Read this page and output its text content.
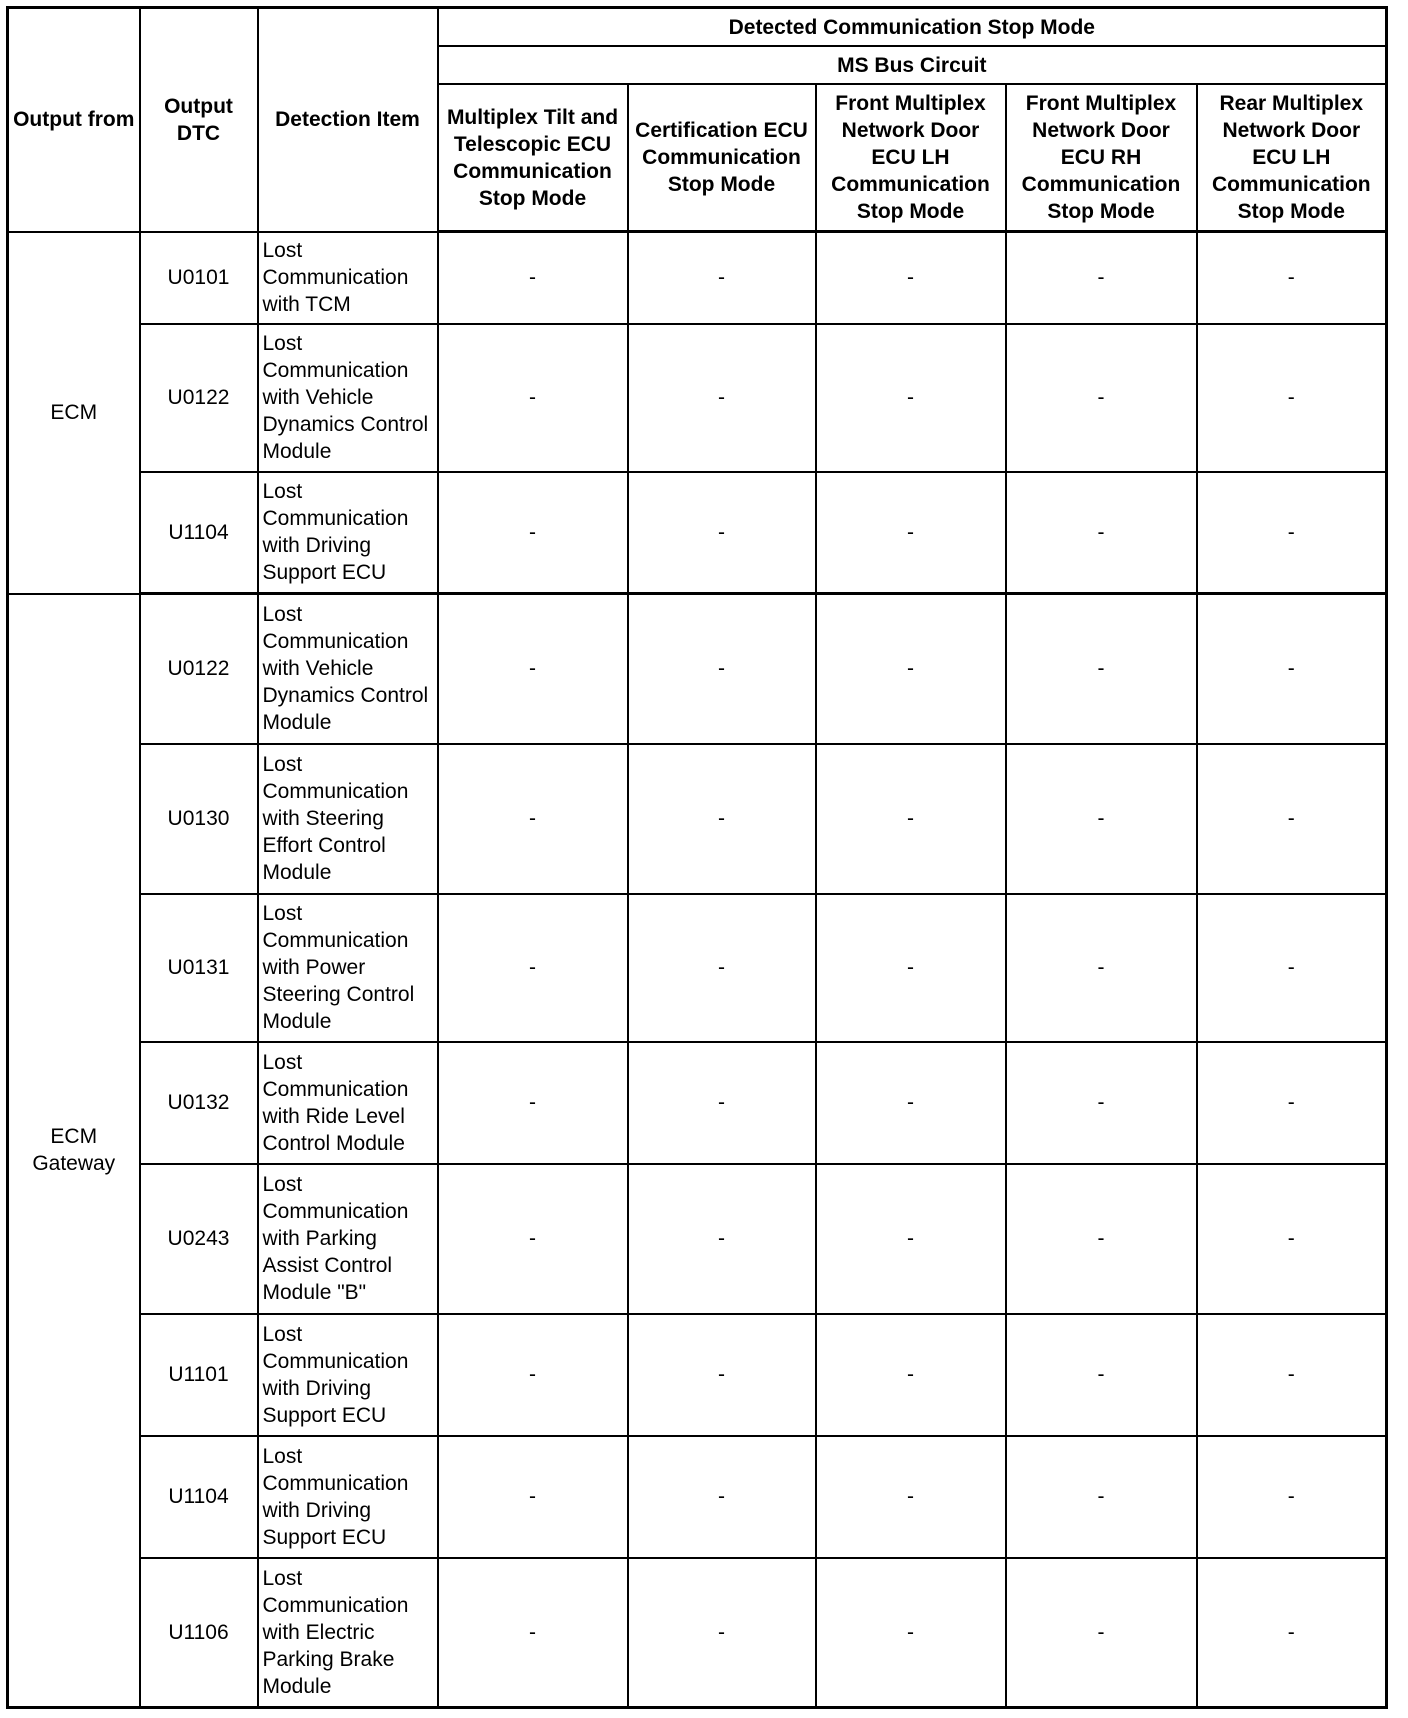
Output from	Output DTC	Detection Item	Detected Communication Stop Mode				
			MS Bus Circuit				
			Multiplex Tilt and Telescopic ECU Communication Stop Mode	Certification ECU Communication Stop Mode	Front Multiplex Network Door ECU LH Communication Stop Mode	Front Multiplex Network Door ECU RH Communication Stop Mode	Rear Multiplex Network Door ECU LH Communication Stop Mode
ECM	U0101	Lost Communication with TCM	-	-	-	-	-
	U0122	Lost Communication with Vehicle Dynamics Control Module	-	-	-	-	-
	U1104	Lost Communication with Driving Support ECU	-	-	-	-	-
ECM Gateway	U0122	Lost Communication with Vehicle Dynamics Control Module	-	-	-	-	-
	U0130	Lost Communication with Steering Effort Control Module	-	-	-	-	-
	U0131	Lost Communication with Power Steering Control Module	-	-	-	-	-
	U0132	Lost Communication with Ride Level Control Module	-	-	-	-	-
	U0243	Lost Communication with Parking Assist Control Module "B"	-	-	-	-	-
	U1101	Lost Communication with Driving Support ECU	-	-	-	-	-
	U1104	Lost Communication with Driving Support ECU	-	-	-	-	-
	U1106	Lost Communication with Electric Parking Brake Module	-	-	-	-	-
